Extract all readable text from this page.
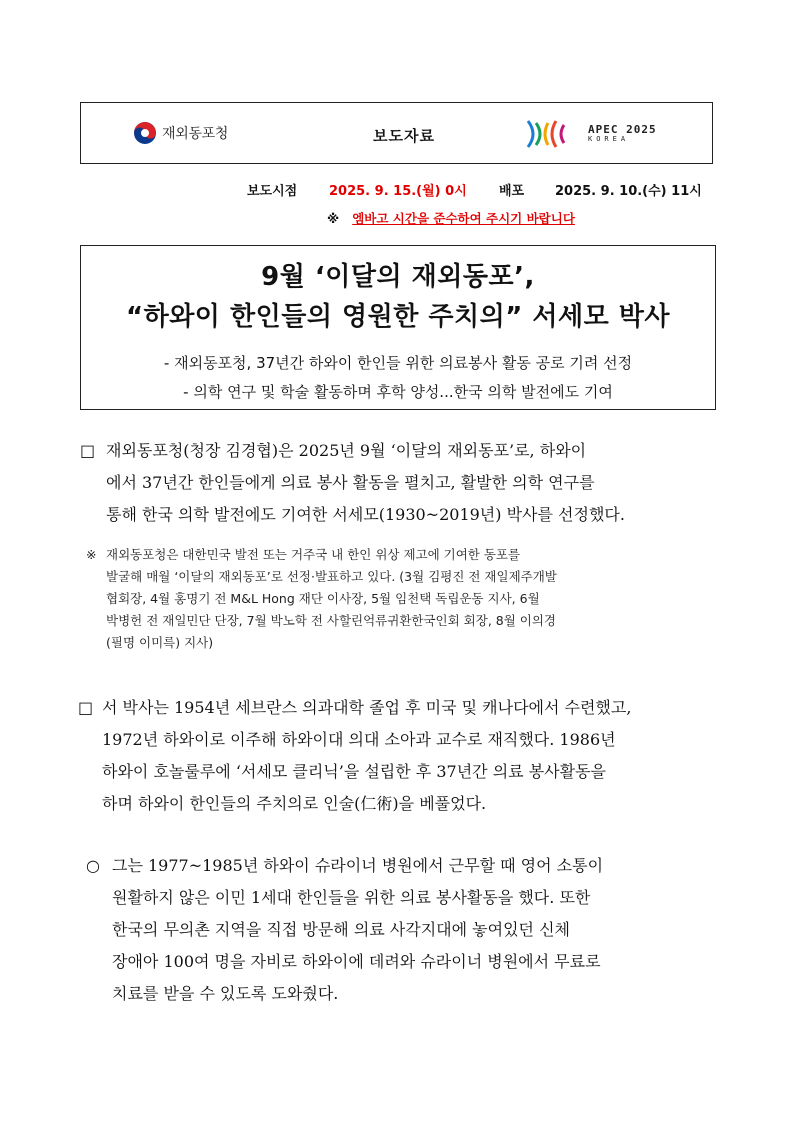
재외동포청	보도자료	APEC 2025
KOREA
보도시점 2025. 9. 15.(월) 0시 배포 2025. 9. 10.(수) 11시
※ 엠바고 시간을 준수하여 주시기 바랍니다
9월 ‘이달의 재외동포’,
“하와이 한인들의 영원한 주치의” 서세모 박사
- 재외동포청, 37년간 하와이 한인들 위한 의료봉사 활동 공로 기려 선정
- 의학 연구 및 학술 활동하며 후학 양성...한국 의학 발전에도 기여
□ 재외동포청(청장 김경협)은 2025년 9월 ‘이달의 재외동포’로, 하와이
에서 37년간 한인들에게 의료 봉사 활동을 펼치고, 활발한 의학 연구를
통해 한국 의학 발전에도 기여한 서세모(1930~2019년) 박사를 선정했다.
※ 재외동포청은 대한민국 발전 또는 거주국 내 한인 위상 제고에 기여한 동포를
발굴해 매월 ‘이달의 재외동포’로 선정·발표하고 있다. (3월 김평진 전 재일제주개발
협회장, 4월 홍명기 전 M&L Hong 재단 이사장, 5월 임천택 독립운동 지사, 6월
박병헌 전 재일민단 단장, 7월 박노학 전 사할린억류귀환한국인회 회장, 8월 이의경
(필명 이미륵) 지사)
□ 서 박사는 1954년 세브란스 의과대학 졸업 후 미국 및 캐나다에서 수련했고,
1972년 하와이로 이주해 하와이대 의대 소아과 교수로 재직했다. 1986년
하와이 호놀룰루에 ‘서세모 클리닉’을 설립한 후 37년간 의료 봉사활동을
하며 하와이 한인들의 주치의로 인술(仁術)을 베풀었다.
○ 그는 1977~1985년 하와이 슈라이너 병원에서 근무할 때 영어 소통이
원활하지 않은 이민 1세대 한인들을 위한 의료 봉사활동을 했다. 또한
한국의 무의촌 지역을 직접 방문해 의료 사각지대에 놓여있던 신체
장애아 100여 명을 자비로 하와이에 데려와 슈라이너 병원에서 무료로
치료를 받을 수 있도록 도와줬다.
